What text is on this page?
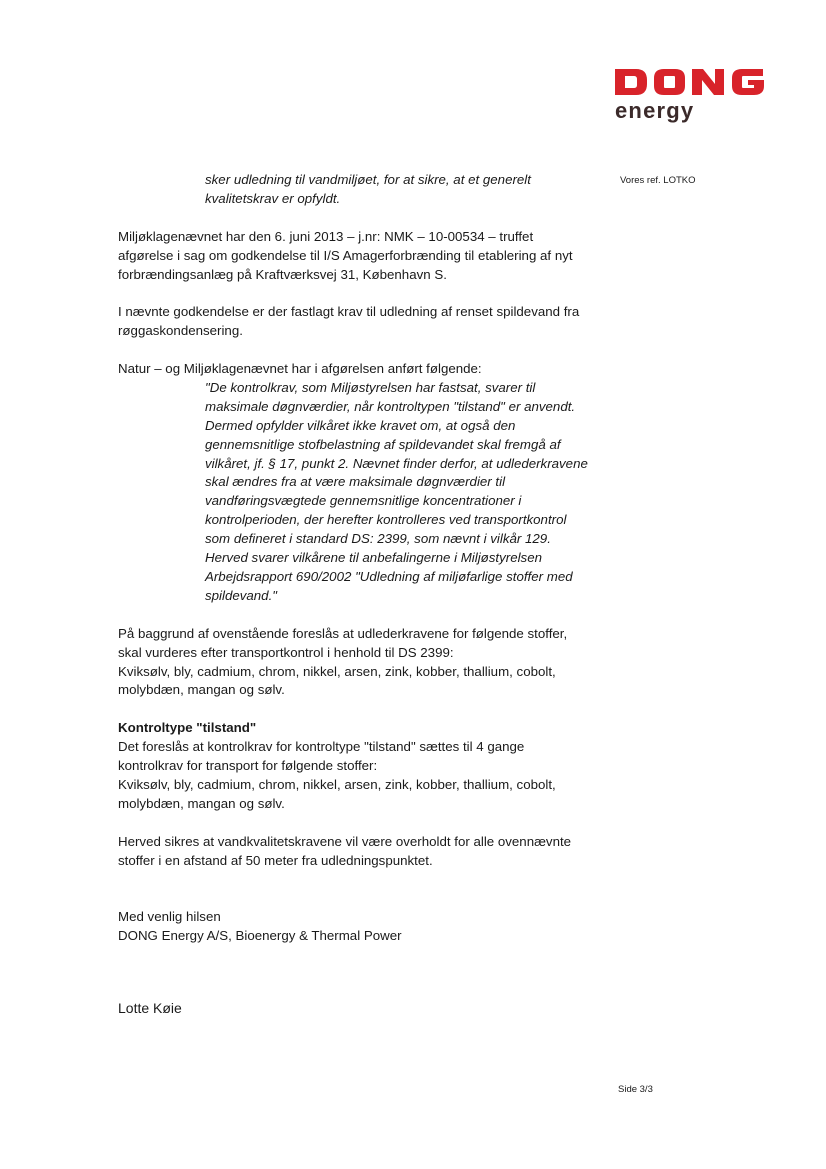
energy
Vores ref. LOTKO

sker udledning til vandmiljøet, for at sikre, at et generelt

kvalitetskrav er opfyldt.

Miljøklagenævnet har den 6. juni 2013 – j.nr: NMK – 10-00534 – truffet

afgørelse i sag om godkendelse til I/S Amagerforbrænding til etablering af nyt

forbrændingsanlæg på Kraftværksvej 31, København S.

I nævnte godkendelse er der fastlagt krav til udledning af renset spildevand fra

røggaskondensering.

Natur – og Miljøklagenævnet har i afgørelsen anført følgende:

"De kontrolkrav, som Miljøstyrelsen har fastsat, svarer til

maksimale døgnværdier, når kontroltypen "tilstand" er anvendt.

Dermed opfylder vilkåret ikke kravet om, at også den

gennemsnitlige stofbelastning af spildevandet skal fremgå af

vilkåret, jf. § 17, punkt 2. Nævnet finder derfor, at udlederkravene

skal ændres fra at være maksimale døgnværdier til

vandføringsvægtede gennemsnitlige koncentrationer i

kontrolperioden, der herefter kontrolleres ved transportkontrol

som defineret i standard DS: 2399, som nævnt i vilkår 129.

Herved svarer vilkårene til anbefalingerne i Miljøstyrelsen

Arbejdsrapport 690/2002 "Udledning af miljøfarlige stoffer med

spildevand."

På baggrund af ovenstående foreslås at udlederkravene for følgende stoffer,

skal vurderes efter transportkontrol i henhold til DS 2399:

Kviksølv, bly, cadmium, chrom, nikkel, arsen, zink, kobber, thallium, cobolt,

molybdæn, mangan og sølv.

Kontroltype "tilstand"

Det foreslås at kontrolkrav for kontroltype "tilstand" sættes til 4 gange

kontrolkrav for transport for følgende stoffer:

Kviksølv, bly, cadmium, chrom, nikkel, arsen, zink, kobber, thallium, cobolt,

molybdæn, mangan og sølv.

Herved sikres at vandkvalitetskravene vil være overholdt for alle ovennævnte

stoffer i en afstand af 50 meter fra udledningspunktet.

Med venlig hilsen

DONG Energy A/S, Bioenergy & Thermal Power

Lotte Køie

Side 3/3
